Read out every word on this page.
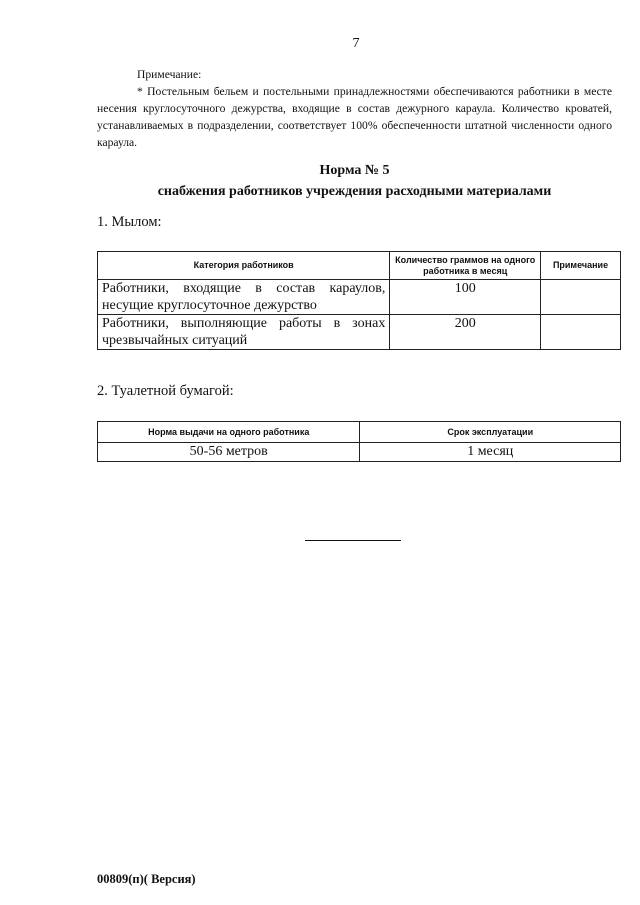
7
Примечание:
* Постельным бельем и постельными принадлежностями обеспечиваются работники в месте несения круглосуточного дежурства, входящие в состав дежурного караула. Количество кроватей, устанавливаемых в подразделении, соответствует 100% обеспеченности штатной численности одного караула.
Норма № 5
снабжения работников учреждения расходными материалами
1. Мылом:
Категория работников	Количество граммов на одного работника в месяц	Примечание
Работники, входящие в состав караулов, несущие круглосуточное дежурство	100	
Работники, выполняющие работы в зонах чрезвычайных ситуаций	200	
2. Туалетной бумагой:
Норма выдачи на одного работника	Срок эксплуатации
50-56 метров	1 месяц
00809(п)( Версия)
